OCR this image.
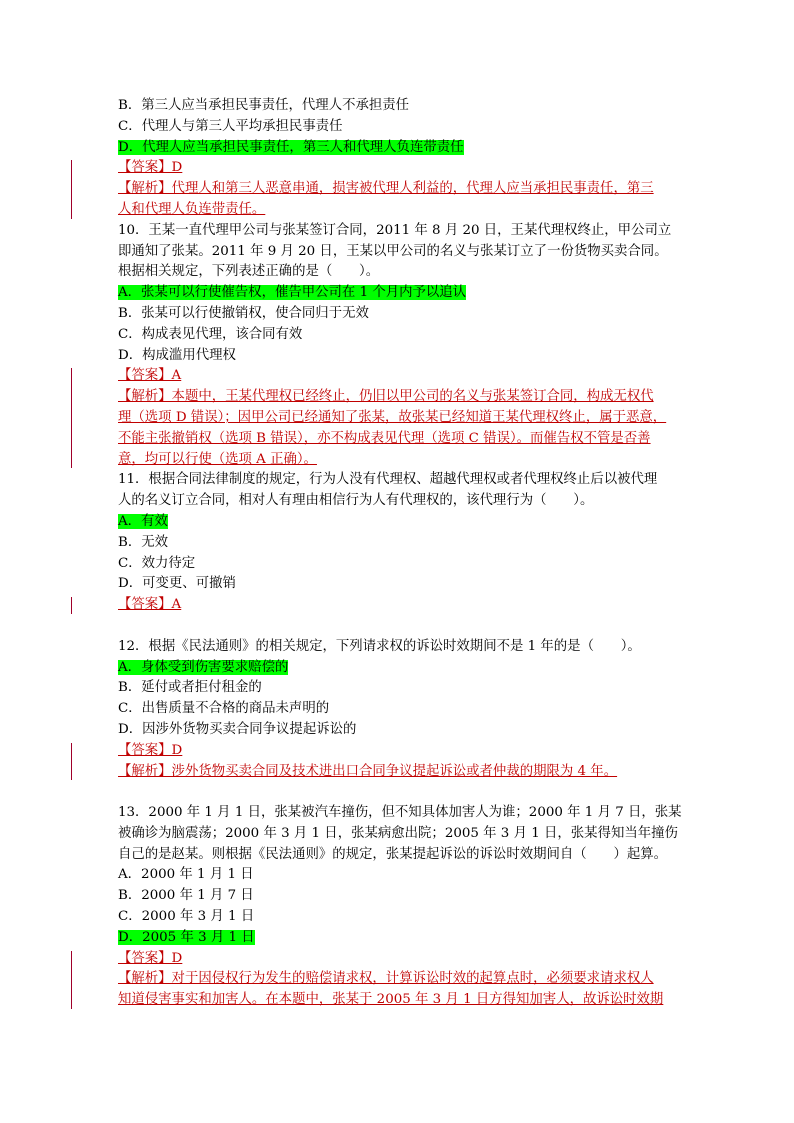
B．第三人应当承担民事责任，代理人不承担责任
C．代理人与第三人平均承担民事责任
D．代理人应当承担民事责任，第三人和代理人负连带责任
【答案】D
【解析】代理人和第三人恶意串通，损害被代理人利益的，代理人应当承担民事责任，第三
人和代理人负连带责任。
10．王某一直代理甲公司与张某签订合同，2011 年 8 月 20 日，王某代理权终止，甲公司立
即通知了张某。2011 年 9 月 20 日，王某以甲公司的名义与张某订立了一份货物买卖合同。
根据相关规定，下列表述正确的是（　　）。
A．张某可以行使催告权，催告甲公司在 1 个月内予以追认
B．张某可以行使撤销权，使合同归于无效
C．构成表见代理，该合同有效
D．构成滥用代理权
【答案】A
【解析】本题中，王某代理权已经终止，仍旧以甲公司的名义与张某签订合同，构成无权代
理（选项 D 错误）；因甲公司已经通知了张某，故张某已经知道王某代理权终止，属于恶意，
不能主张撤销权（选项 B 错误），亦不构成表见代理（选项 C 错误）。而催告权不管是否善
意，均可以行使（选项 A 正确）。
11．根据合同法律制度的规定，行为人没有代理权、超越代理权或者代理权终止后以被代理
人的名义订立合同，相对人有理由相信行为人有代理权的，该代理行为（　　）。
A．有效
B．无效
C．效力待定
D．可变更、可撤销
【答案】A
12．根据《民法通则》的相关规定，下列请求权的诉讼时效期间不是 1 年的是（　　）。
A．身体受到伤害要求赔偿的
B．延付或者拒付租金的
C．出售质量不合格的商品未声明的
D．因涉外货物买卖合同争议提起诉讼的
【答案】D
【解析】涉外货物买卖合同及技术进出口合同争议提起诉讼或者仲裁的期限为 4 年。
13．2000 年 1 月 1 日，张某被汽车撞伤，但不知具体加害人为谁；2000 年 1 月 7 日，张某
被确诊为脑震荡；2000 年 3 月 1 日，张某病愈出院；2005 年 3 月 1 日，张某得知当年撞伤
自己的是赵某。则根据《民法通则》的规定，张某提起诉讼的诉讼时效期间自（　　）起算。
A．2000 年 1 月 1 日
B．2000 年 1 月 7 日
C．2000 年 3 月 1 日
D．2005 年 3 月 1 日
【答案】D
【解析】对于因侵权行为发生的赔偿请求权，计算诉讼时效的起算点时，必须要求请求权人
知道侵害事实和加害人。在本题中，张某于 2005 年 3 月 1 日方得知加害人，故诉讼时效期
